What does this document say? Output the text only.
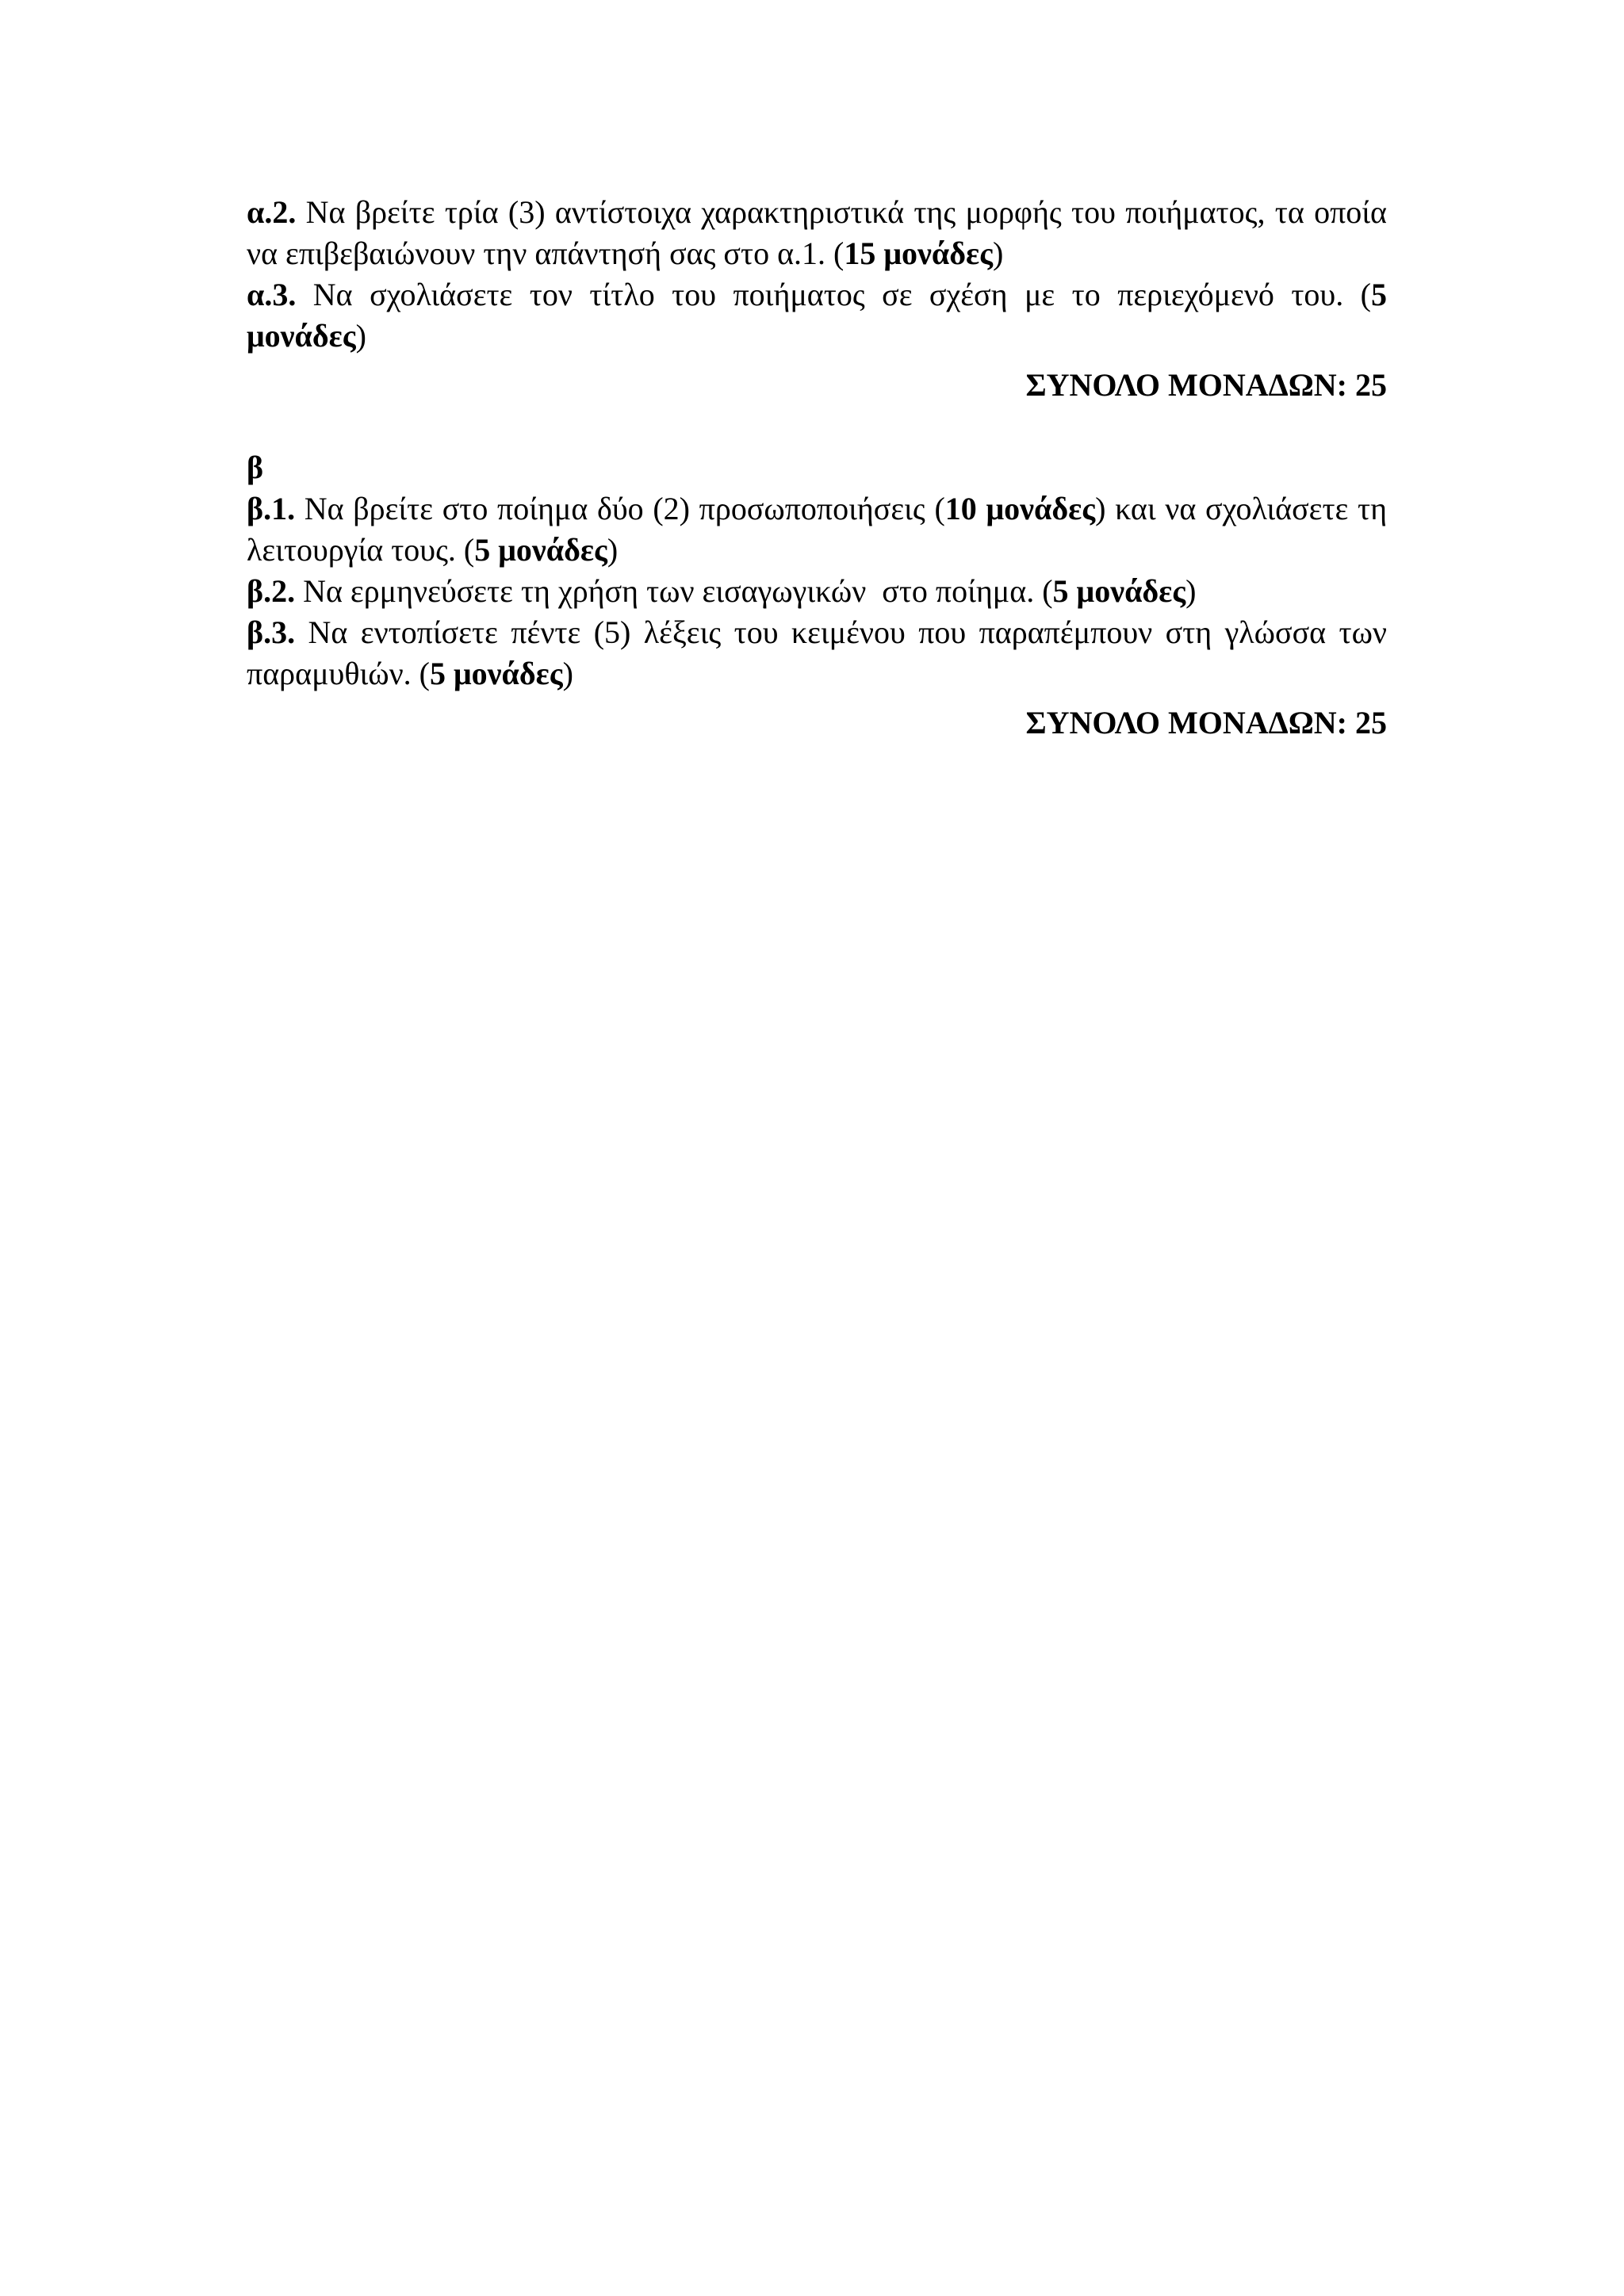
α.2. Να βρείτε τρία (3) αντίστοιχα χαρακτηριστικά της μορφής του ποιήματος, τα οποία να επιβεβαιώνουν την απάντησή σας στο α.1. (15 μονάδες)

α.3. Να σχολιάσετε τον τίτλο του ποιήματος σε σχέση με το περιεχόμενό του. (5 μονάδες)

ΣΥΝΟΛΟ ΜΟΝΑΔΩΝ: 25

β

β.1. Να βρείτε στο ποίημα δύο (2) προσωποποιήσεις (10 μονάδες) και να σχολιάσετε τη λειτουργία τους. (5 μονάδες)

β.2. Να ερμηνεύσετε τη χρήση των εισαγωγικών  στο ποίημα. (5 μονάδες)

β.3. Να εντοπίσετε πέντε (5) λέξεις του κειμένου που παραπέμπουν στη γλώσσα των παραμυθιών. (5 μονάδες)

ΣΥΝΟΛΟ ΜΟΝΑΔΩΝ: 25
